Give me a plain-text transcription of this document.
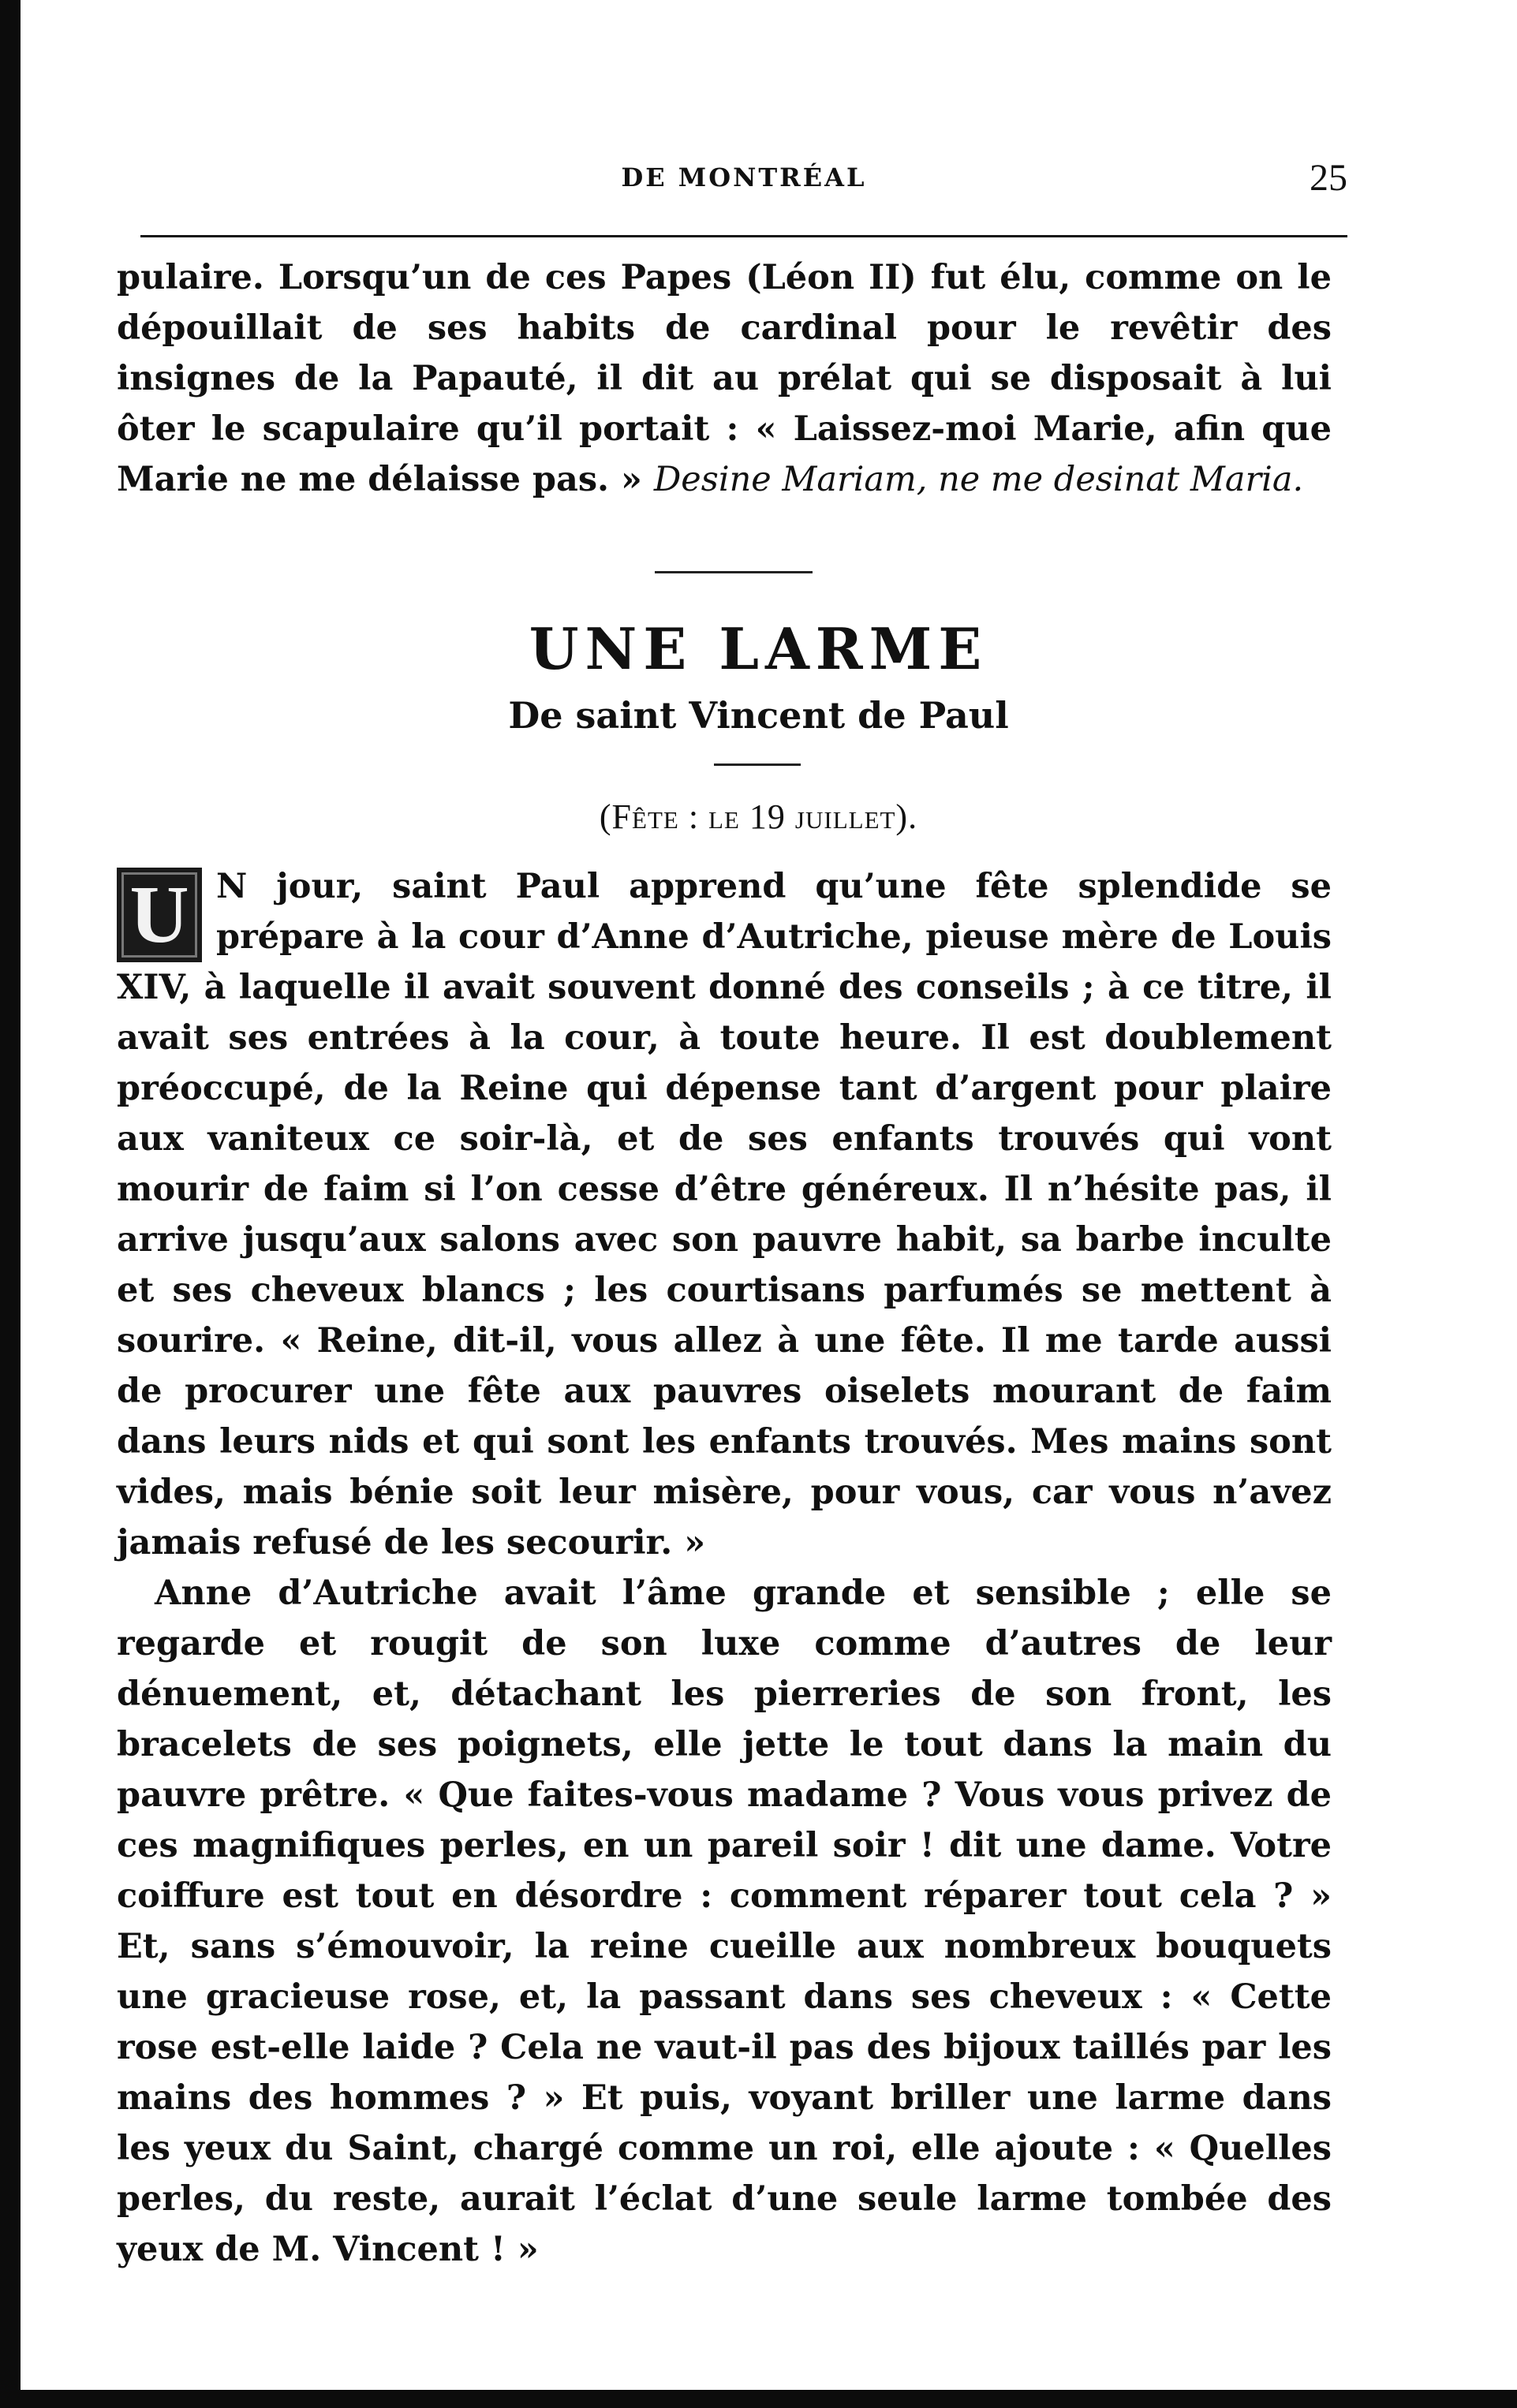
DE MONTRÉAL	25

pulaire. Lorsqu’un de ces Papes (Léon II) fut élu, comme on le dépouillait de ses habits de cardinal pour le revêtir des insignes de la Papauté, il dit au prélat qui se disposait à lui ôter le scapulaire qu’il portait : « Laissez-moi Marie, afin que Marie ne me délaisse pas. » Desine Mariam, ne me desinat Maria.

UNE LARME
De saint Vincent de Paul
(Fête : le 19 juillet).

U N jour, saint Paul apprend qu’une fête splendide se prépare à la cour d’Anne d’Autriche, pieuse mère de Louis XIV, à laquelle il avait souvent donné des conseils ; à ce titre, il avait ses entrées à la cour, à toute heure. Il est doublement préoccupé, de la Reine qui dépense tant d’argent pour plaire aux vaniteux ce soir-là, et de ses enfants trouvés qui vont mourir de faim si l’on cesse d’être généreux. Il n’hésite pas, il arrive jusqu’aux salons avec son pauvre habit, sa barbe inculte et ses cheveux blancs ; les courtisans parfumés se mettent à sourire. « Reine, dit-il, vous allez à une fête. Il me tarde aussi de procurer une fête aux pauvres oiselets mourant de faim dans leurs nids et qui sont les enfants trouvés. Mes mains sont vides, mais bénie soit leur misère, pour vous, car vous n’avez jamais refusé de les secourir. »

Anne d’Autriche avait l’âme grande et sensible ; elle se regarde et rougit de son luxe comme d’autres de leur dénuement, et, détachant les pierreries de son front, les bracelets de ses poignets, elle jette le tout dans la main du pauvre prêtre. « Que faites-vous madame ? Vous vous privez de ces magnifiques perles, en un pareil soir ! dit une dame. Votre coiffure est tout en désordre : comment réparer tout cela ? » Et, sans s’émouvoir, la reine cueille aux nombreux bouquets une gracieuse rose, et, la passant dans ses cheveux : « Cette rose est-elle laide ? Cela ne vaut-il pas des bijoux taillés par les mains des hommes ? » Et puis, voyant briller une larme dans les yeux du Saint, chargé comme un roi, elle ajoute : « Quelles perles, du reste, aurait l’éclat d’une seule larme tombée des yeux de M. Vincent ! »
